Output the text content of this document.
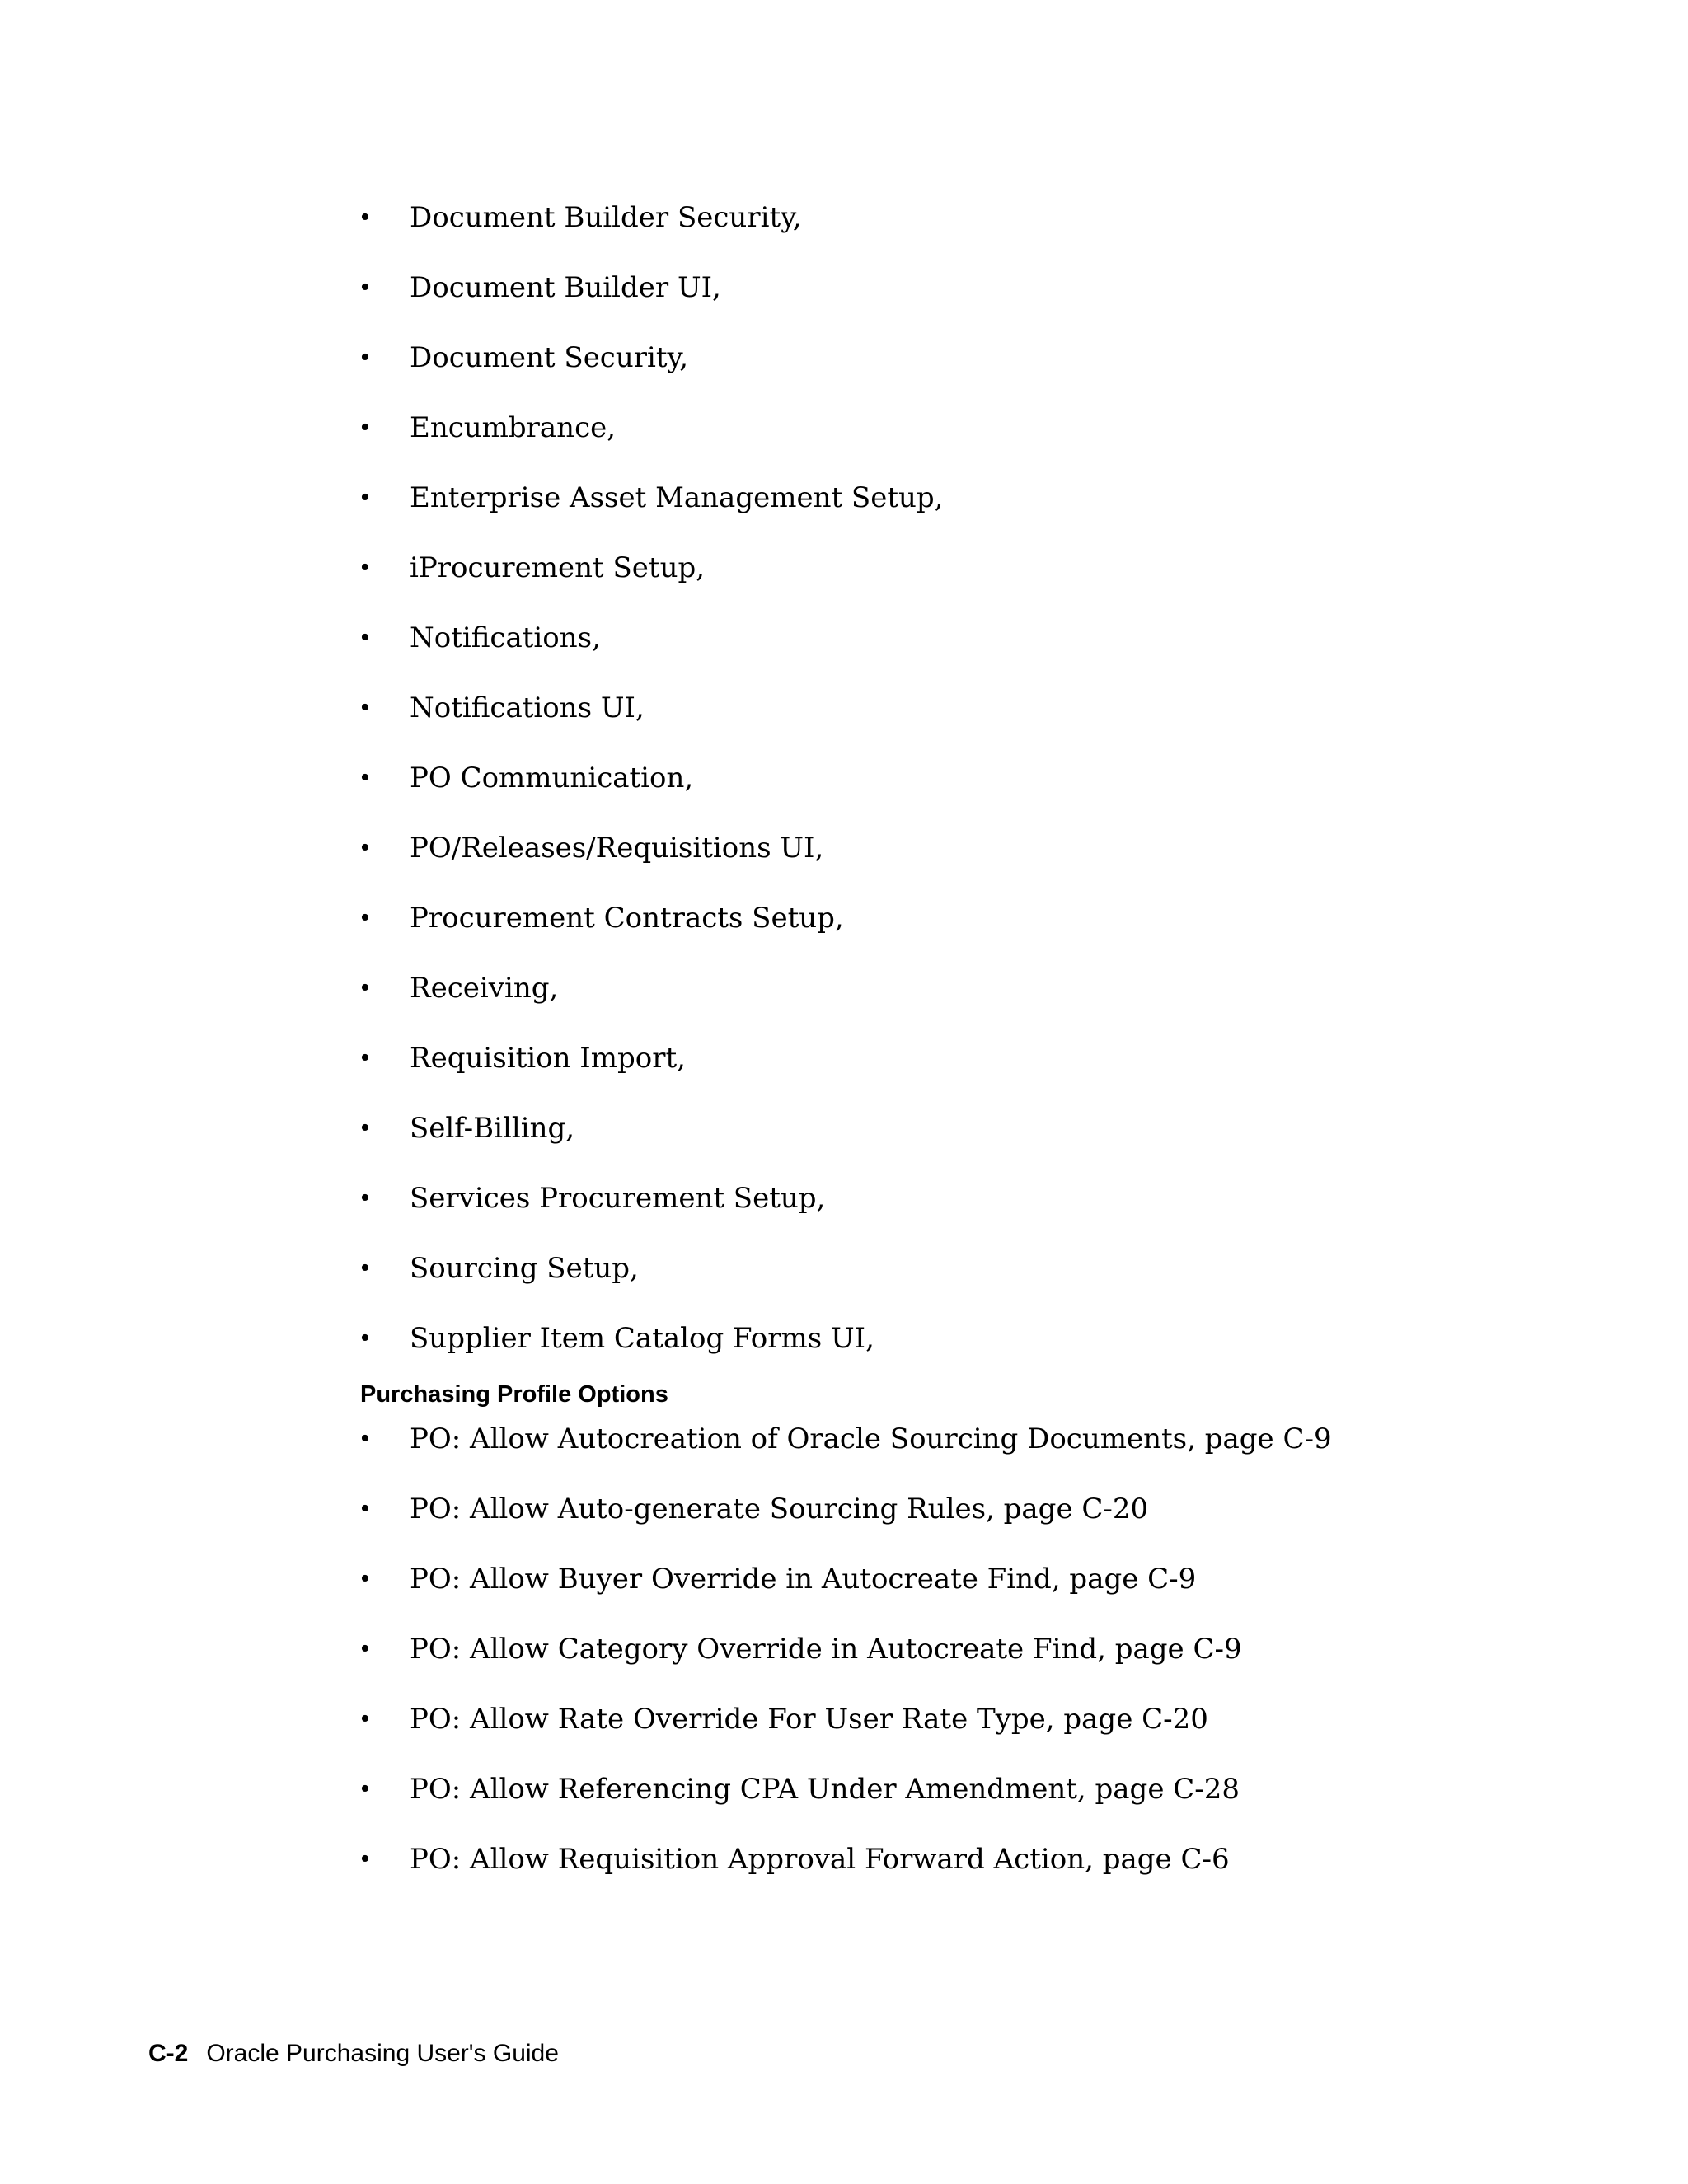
• Document Builder Security,
• Document Builder UI,
• Document Security,
• Encumbrance,
• Enterprise Asset Management Setup,
• iProcurement Setup,
• Notifications,
• Notifications UI,
• PO Communication,
• PO/Releases/Requisitions UI,
• Procurement Contracts Setup,
• Receiving,
• Requisition Import,
• Self-Billing,
• Services Procurement Setup,
• Sourcing Setup,
• Supplier Item Catalog Forms UI,
Purchasing Profile Options
• PO: Allow Autocreation of Oracle Sourcing Documents, page C-9
• PO: Allow Auto-generate Sourcing Rules, page C-20
• PO: Allow Buyer Override in Autocreate Find, page C-9
• PO: Allow Category Override in Autocreate Find, page C-9
• PO: Allow Rate Override For User Rate Type, page C-20
• PO: Allow Referencing CPA Under Amendment, page C-28
• PO: Allow Requisition Approval Forward Action, page C-6
C-2 Oracle Purchasing User's Guide
